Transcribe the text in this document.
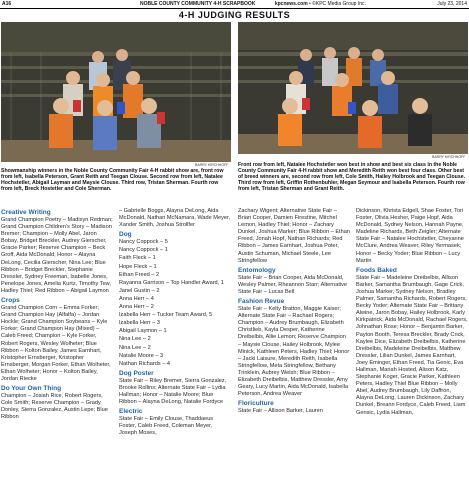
A16	NOBLE COUNTY COMMUNITY 4-H SCRAPBOOK	kpcnews.com • ©KPC Media Group Inc.	July 23, 2014
4-H JUDGING RESULTS
BARRY KIRCHHOFF
Showmanship winners in the Noble County Community Fair 4-H rabbit show are, front row from left, Isabella Peterson, Grant Reith and Teegan Clouse. Second row from left, Natalee Hochstetler, Abigail Layman and Maysie Clouse. Third row, Tristan Sherman. Fourth row from left, Breck Hostetler and Cole Sherman.
BARRY KIRCHHOFF
Front row from left, Natalee Hochstetler won best in show and best six class in the Noble County Community Fair 4-H rabbit show and Meredith Reith won best four class. Other best of breed winners are, second row from left, Cole Smith, Hailey Holbrook and Teegan Clouse. Third row from left, Griffin Rothenbuhler, Megan Seymour and Isabella Peterson. Fourth row from left, Tristan Sherman and Grant Reith.
Creative Writing

Grand Champion Poetry – Madisyn Redman; Grand Champion Children's Story – Madison Bremer; Champion – Molly Abel, Jaron Bobay, Bridget Breckler, Audrey Gierscher, Gracie Parker; Reserve Champion – Beck Groff, Aida McDonald; Honor – Alayna DeLong, Cecilia Gierscher, Nina Lee; Blue Ribbon – Bridget Breckler, Stephanie Dressler, Sydney Freeman, Isabelle Jones, Penelope Jones, Amelia Kurtz, Timothy Tew, Hadley Thiel; Red Ribbon – Abigail Laymon

Crops

Grand Champion Corn – Emma Forker; Grand Champion Hay (Alfalfa) – Jordan Hockle; Grand Champion Soybeans – Kyle Forker; Grand Champion Hay (Mixed) – Caleb Freed; Champion – Kyle Forker, Robert Rogers, Wesley Wolheter; Blue Ribbon – Kolton Bailey, James Earnhart, Kristopher Ernsberger, Kristopher Ernsberger, Morgan Forker, Ethan Wolheter, Ethan Wolheter; Honor – Kolton Bailey, Jordan Riecke

Do Your Own Thing

Champion – Josiah Rice, Robert Rogers, Cole Smith; Reserve Champion – Grady Donley, Sierra Gonzalez, Austin Lepe; Blue Ribbon

– Gabrielle Boggs, Alayna DeLong, Aida McDonald, Nathan McNamara, Wade Meyer, Xander Smith, Joshua Strollfer

Dog

Nancy Coppock – 5

Nancy Coppock – 1

Faith Fleck – 1

Hope Fleck – 1

Ethan Freed – 2

Rayanna Garrison – Top Handler Award, 1

Janel Gustin – 2

Anna Herr – 4

Anna Herr – 2

Izabella Herr – Tucker Team Award, 5

Izabella Herr – 3

Abigail Laymon – 1

Nina Lee – 2

Nina Lee – 2

Natalie Moore – 3

Nathan Richards – 4

Dog Poster

State Fair – Riley Bremer, Sierra Gonzalez, Brooke Rollins; Alternate State Fair – Lydia Hallman; Honor – Natalie Moore; Blue Ribbon – Alayna DeLong, Natalie Fordyce

Electric

State Fair – Emily Clouse, Thaddaeus Foster, Caleb Freed, Coleman Meyer, Joseph Moses,

Zachary Wigent; Alternative State Fair – Brian Cooper, Damien Firestine, Mitchel Lemon, Hadley Thiel; Honor – Zachary Dunkel, Joshua Marker; Blue Ribbon – Ethan Freed, Jonah Hopf, Nathan Richards; Red Ribbon – James Earnhart, Joshua Poter, Austin Schuman, Michael Steele, Lee Stringfellow

Entomology

State Fair – Brian Cooper, Aida McDonald, Wesley Palmer, Rheannon Starr; Alternative State Fair – Lucas Bell

Fashion Revue

State Fair – Kelty Bratton, Maggie Kaiser; Alternate State Fair – Rachael Rogers; Champion – Audrey Brumbaugh, Elizabeth Christlieb, Kayla Desper, Katherine Dreibelbis, Allie Lemon; Reserve Champion – Maysie Clouse, Hailey Holbrook, Mylee Minick, Kathleen Peters, Hadley Thiel; Honor – Jacki Laisure, Meredith Reith, Isabella Stringfellow, Meta Stringfellow, Bethany Trinklein, Aubrey Welsh; Blue Ribbon – Elizabeth Dreibelbis, Matthew Dressler, Amy Geary, Lucy Martin, Aida McDonald, Isabella Peterson, Andrea Weaver

Floriculture

State Fair – Allison Barker, Lauren

Dickinson, Khrista Edgell, Shae Foster, Tori Foster, Olivia Hesher, Paige Hopf, Aida McDonald, Sydney Nelson, Hannah Payne, Madeline Richards, Beth Zeigler; Alternate State Fair – Natalee Hochstetler, Cheyanne McClure, Andrea Weaver, Riley Yermasek; Honor – Becky Yoder; Blue Ribbon – Lucy Martin

Foods Baked

State Fair – Madeleine Dreibelbis, Allison Barker, Samantha Brumbaugh, Gage Crick, Joshua Marker, Sydney Nelson, Bradley Palmer, Samantha Richards, Robert Rogers, Becky Yoder; Alternate State Fair – Brittany Alwine, Jaron Bobay, Hailey Holbrook, Karly Kirkpatrick, Aida McDonald, Rachael Rogers, Johnathan Rose; Honor – Benjamin Barker, Payton Booth, Teresa Breckler, Brady Crick, Kaylee Dice, Elizabeth Dreibelbis, Katherine Dreibelbis, Madeleine Dreibelbis, Matthew Dressler, Lilian Dunkel, James Earnhart, Joey Eminger, Ethan Freed, Tia Genic, Eva Hallman, Mariah Hosted, Alison Katz, Stephanie Koger, Gracie Parker, Kathleen Peters, Hadley Thiel Blue Ribbon – Molly Abel, Audrey Brumbaugh, Lily Daffron, Alayna DeLong, Lauren Dickinson, Zachary Dunkel, Breann Fordyce, Caleb Freed, Liam Gensic, Lydia Hallman,
